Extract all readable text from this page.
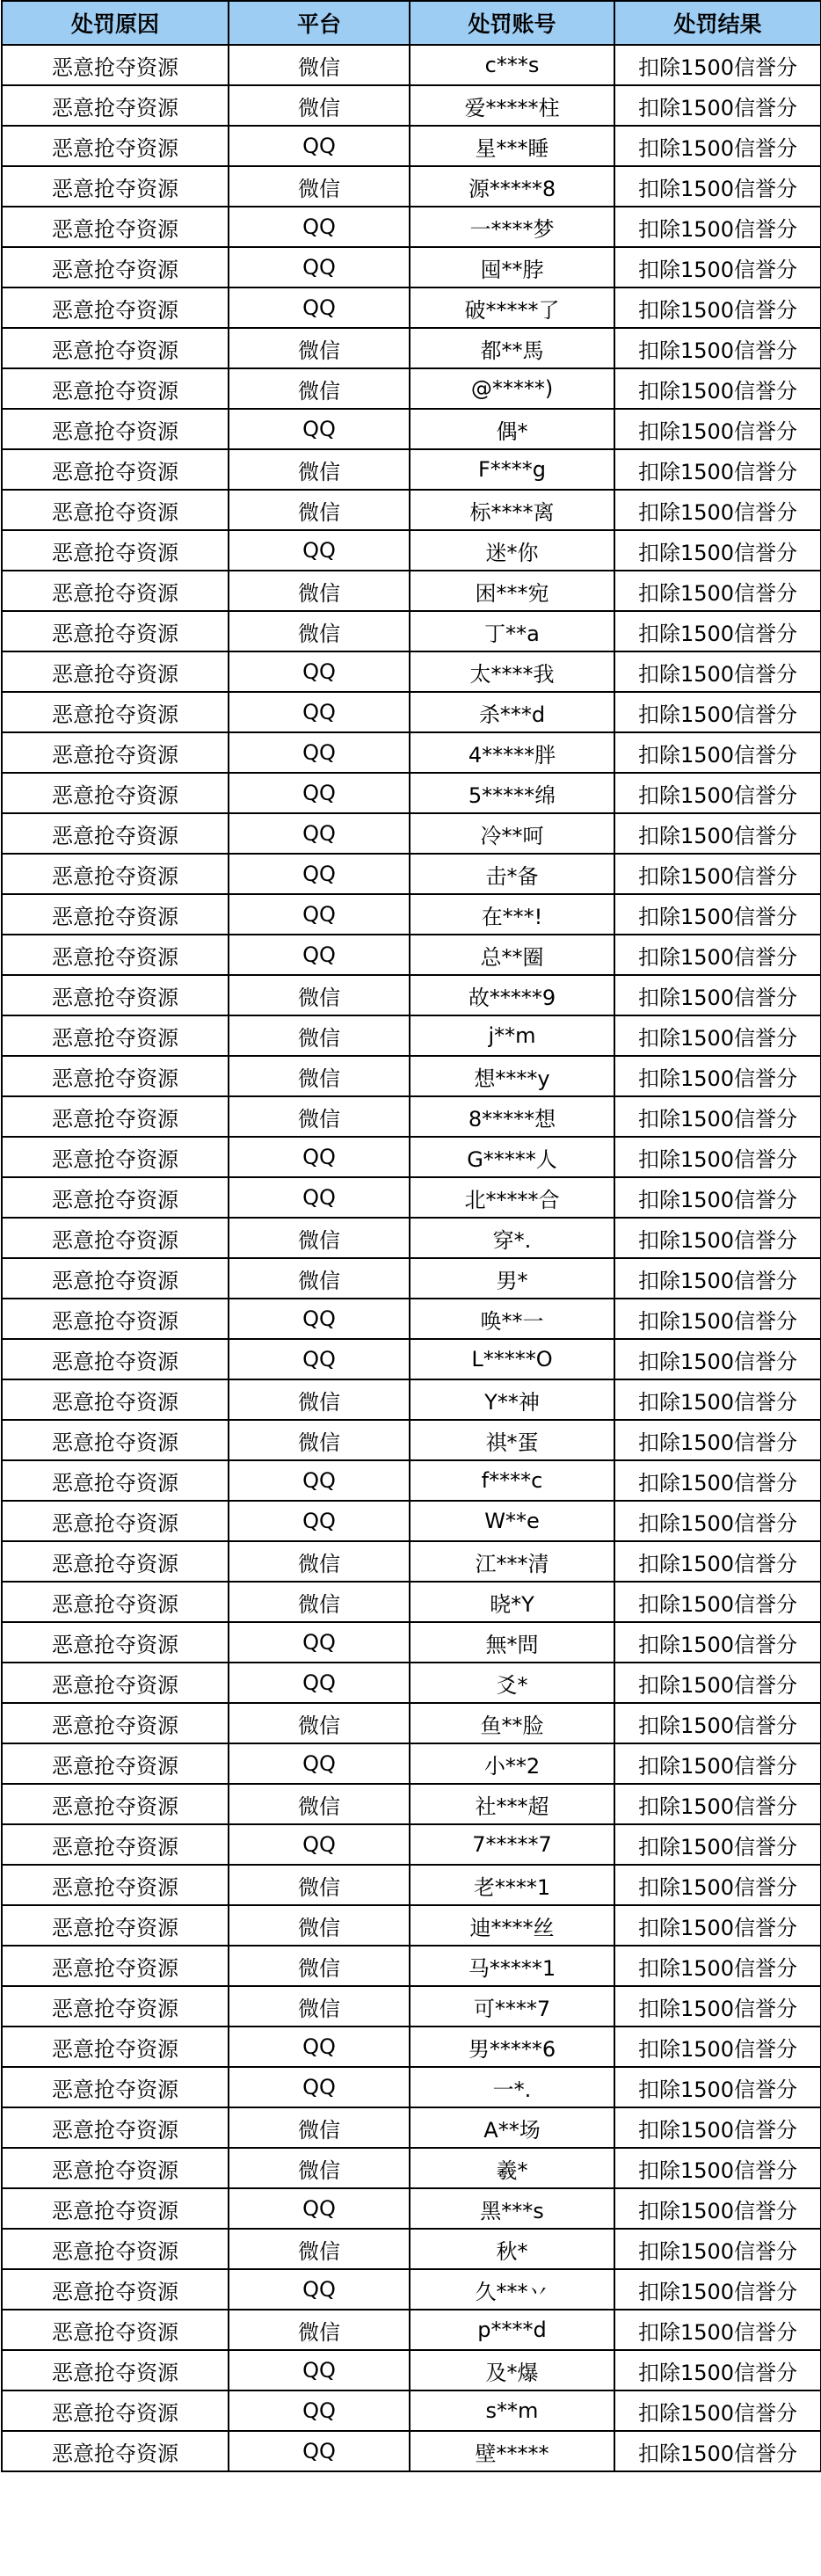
处罚原因	平台	处罚账号	处罚结果
恶意抢夺资源	微信	c***s	扣除1500信誉分
恶意抢夺资源	微信	爱*****柱	扣除1500信誉分
恶意抢夺资源	QQ	星***睡	扣除1500信誉分
恶意抢夺资源	微信	源*****8	扣除1500信誉分
恶意抢夺资源	QQ	一****梦	扣除1500信誉分
恶意抢夺资源	QQ	囤**脖	扣除1500信誉分
恶意抢夺资源	QQ	破*****了	扣除1500信誉分
恶意抢夺资源	微信	都**馬	扣除1500信誉分
恶意抢夺资源	微信	@*****)	扣除1500信誉分
恶意抢夺资源	QQ	偶*	扣除1500信誉分
恶意抢夺资源	微信	F****g	扣除1500信誉分
恶意抢夺资源	微信	标****离	扣除1500信誉分
恶意抢夺资源	QQ	迷*你	扣除1500信誉分
恶意抢夺资源	微信	困***宛	扣除1500信誉分
恶意抢夺资源	微信	丁**a	扣除1500信誉分
恶意抢夺资源	QQ	太****我	扣除1500信誉分
恶意抢夺资源	QQ	杀***d	扣除1500信誉分
恶意抢夺资源	QQ	4*****胖	扣除1500信誉分
恶意抢夺资源	QQ	5*****绵	扣除1500信誉分
恶意抢夺资源	QQ	冷**呵	扣除1500信誉分
恶意抢夺资源	QQ	击*备	扣除1500信誉分
恶意抢夺资源	QQ	在***!	扣除1500信誉分
恶意抢夺资源	QQ	总**圈	扣除1500信誉分
恶意抢夺资源	微信	故*****9	扣除1500信誉分
恶意抢夺资源	微信	j**m	扣除1500信誉分
恶意抢夺资源	微信	想****y	扣除1500信誉分
恶意抢夺资源	微信	8*****想	扣除1500信誉分
恶意抢夺资源	QQ	G*****人	扣除1500信誉分
恶意抢夺资源	QQ	北*****合	扣除1500信誉分
恶意抢夺资源	微信	穿*.	扣除1500信誉分
恶意抢夺资源	微信	男*	扣除1500信誉分
恶意抢夺资源	QQ	唤**一	扣除1500信誉分
恶意抢夺资源	QQ	L*****O	扣除1500信誉分
恶意抢夺资源	微信	Y**神	扣除1500信誉分
恶意抢夺资源	微信	祺*蛋	扣除1500信誉分
恶意抢夺资源	QQ	f****c	扣除1500信誉分
恶意抢夺资源	QQ	W**e	扣除1500信誉分
恶意抢夺资源	微信	江***清	扣除1500信誉分
恶意抢夺资源	微信	晓*Y	扣除1500信誉分
恶意抢夺资源	QQ	無*問	扣除1500信誉分
恶意抢夺资源	QQ	爻*	扣除1500信誉分
恶意抢夺资源	微信	鱼**脸	扣除1500信誉分
恶意抢夺资源	QQ	小**2	扣除1500信誉分
恶意抢夺资源	微信	社***超	扣除1500信誉分
恶意抢夺资源	QQ	7*****7	扣除1500信誉分
恶意抢夺资源	微信	老****1	扣除1500信誉分
恶意抢夺资源	微信	迪****丝	扣除1500信誉分
恶意抢夺资源	微信	马*****1	扣除1500信誉分
恶意抢夺资源	微信	可****7	扣除1500信誉分
恶意抢夺资源	QQ	男*****6	扣除1500信誉分
恶意抢夺资源	QQ	一*.	扣除1500信誉分
恶意抢夺资源	微信	A**场	扣除1500信誉分
恶意抢夺资源	微信	羲*	扣除1500信誉分
恶意抢夺资源	QQ	黑***s	扣除1500信誉分
恶意抢夺资源	微信	秋*	扣除1500信誉分
恶意抢夺资源	QQ	久***丷	扣除1500信誉分
恶意抢夺资源	微信	p****d	扣除1500信誉分
恶意抢夺资源	QQ	及*爆	扣除1500信誉分
恶意抢夺资源	QQ	s**m	扣除1500信誉分
恶意抢夺资源	QQ	壁*****	扣除1500信誉分
